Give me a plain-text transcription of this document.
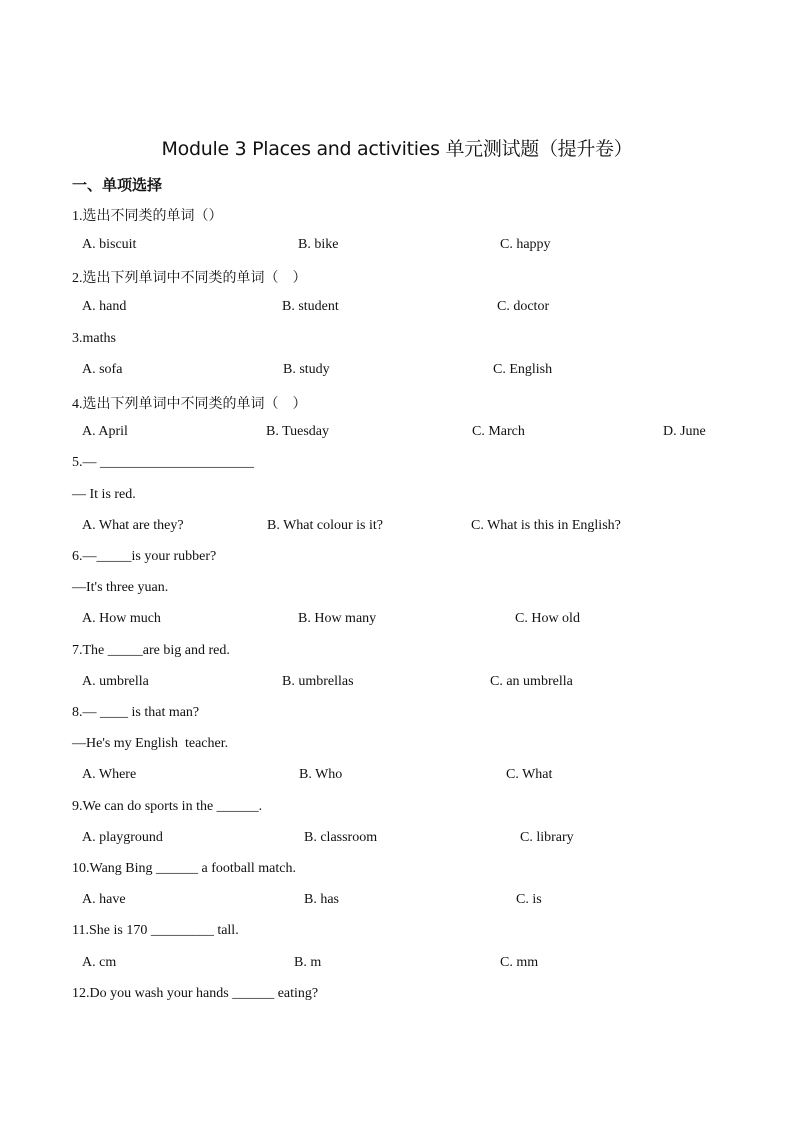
Module 3 Places and activities 单元测试题（提升卷）
一、单项选择
1.选出不同类的单词（）
A. biscuit	B. bike	C. happy
2.选出下列单词中不同类的单词（　）
A. hand	B. student	C. doctor
3.maths
A. sofa	B. study	C. English
4.选出下列单词中不同类的单词（　）
A. April	B. Tuesday	C. March	D. June
5.— ______________________
— It is red.
A. What are they?	B. What colour is it?	C. What is this in English?
6.—_____is your rubber?
—It's three yuan.
A. How much	B. How many	C. How old
7.The _____are big and red.
A. umbrella	B. umbrellas	C. an umbrella
8.— ____ is that man?
—He's my English  teacher.
A. Where	B. Who	C. What
9.We can do sports in the ______.
A. playground	B. classroom	C. library
10.Wang Bing ______ a football match.
A. have	B. has	C. is
11.She is 170 _________ tall.
A. cm	B. m	C. mm
12.Do you wash your hands ______ eating?
